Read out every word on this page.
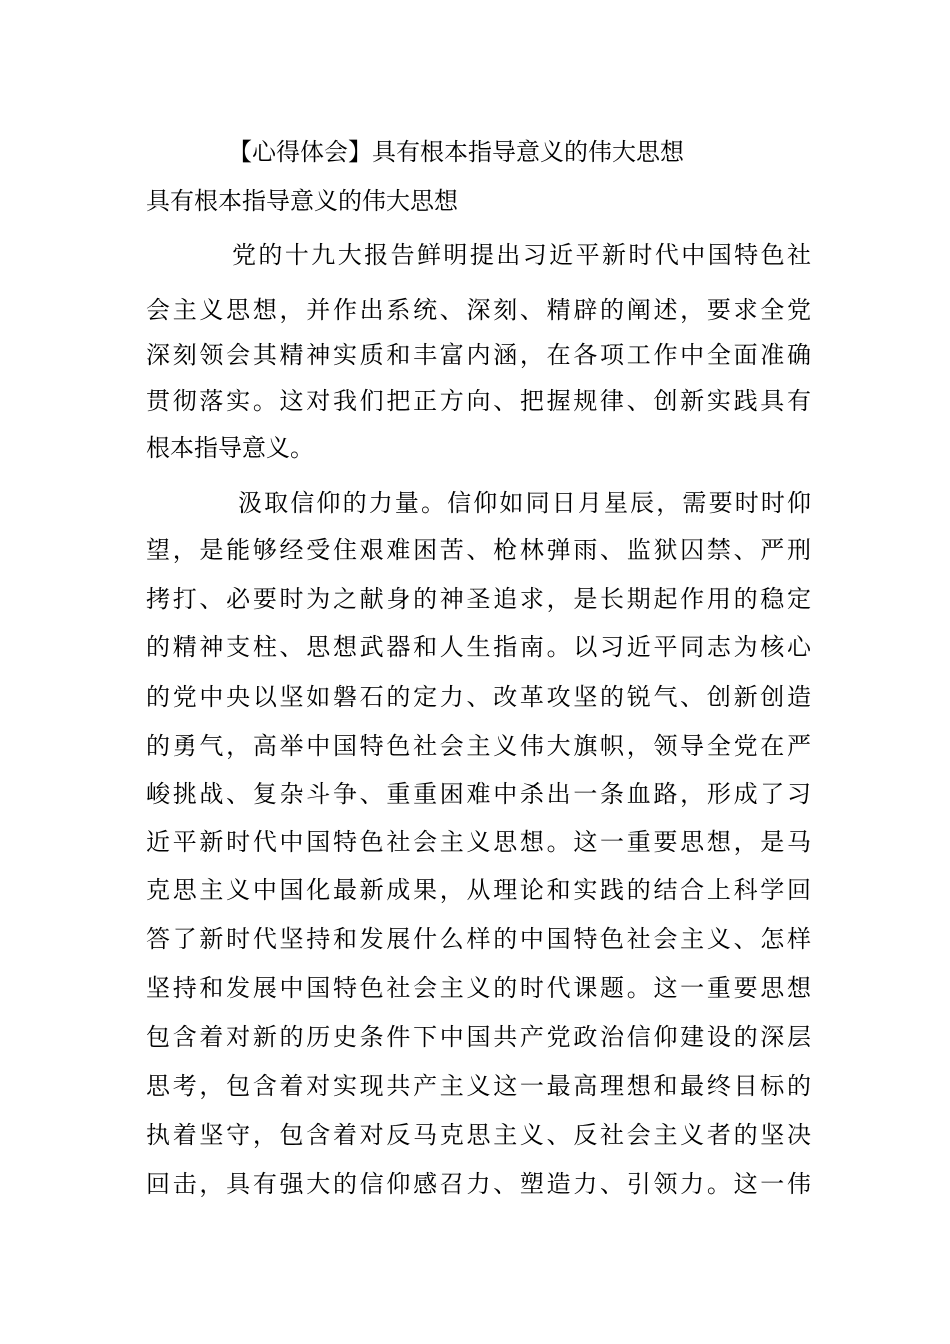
【心得体会】具有根本指导意义的伟大思想
具有根本指导意义的伟大思想
党的十九大报告鲜明提出习近平新时代中国特色社
会主义思想，并作出系统、深刻、精辟的阐述，要求全党
深刻领会其精神实质和丰富内涵，在各项工作中全面准确
贯彻落实。这对我们把正方向、把握规律、创新实践具有
根本指导意义。
汲取信仰的力量。信仰如同日月星辰，需要时时仰
望，是能够经受住艰难困苦、枪林弹雨、监狱囚禁、严刑
拷打、必要时为之献身的神圣追求，是长期起作用的稳定
的精神支柱、思想武器和人生指南。以习近平同志为核心
的党中央以坚如磐石的定力、改革攻坚的锐气、创新创造
的勇气，高举中国特色社会主义伟大旗帜，领导全党在严
峻挑战、复杂斗争、重重困难中杀出一条血路，形成了习
近平新时代中国特色社会主义思想。这一重要思想，是马
克思主义中国化最新成果，从理论和实践的结合上科学回
答了新时代坚持和发展什么样的中国特色社会主义、怎样
坚持和发展中国特色社会主义的时代课题。这一重要思想
包含着对新的历史条件下中国共产党政治信仰建设的深层
思考，包含着对实现共产主义这一最高理想和最终目标的
执着坚守，包含着对反马克思主义、反社会主义者的坚决
回击，具有强大的信仰感召力、塑造力、引领力。这一伟
